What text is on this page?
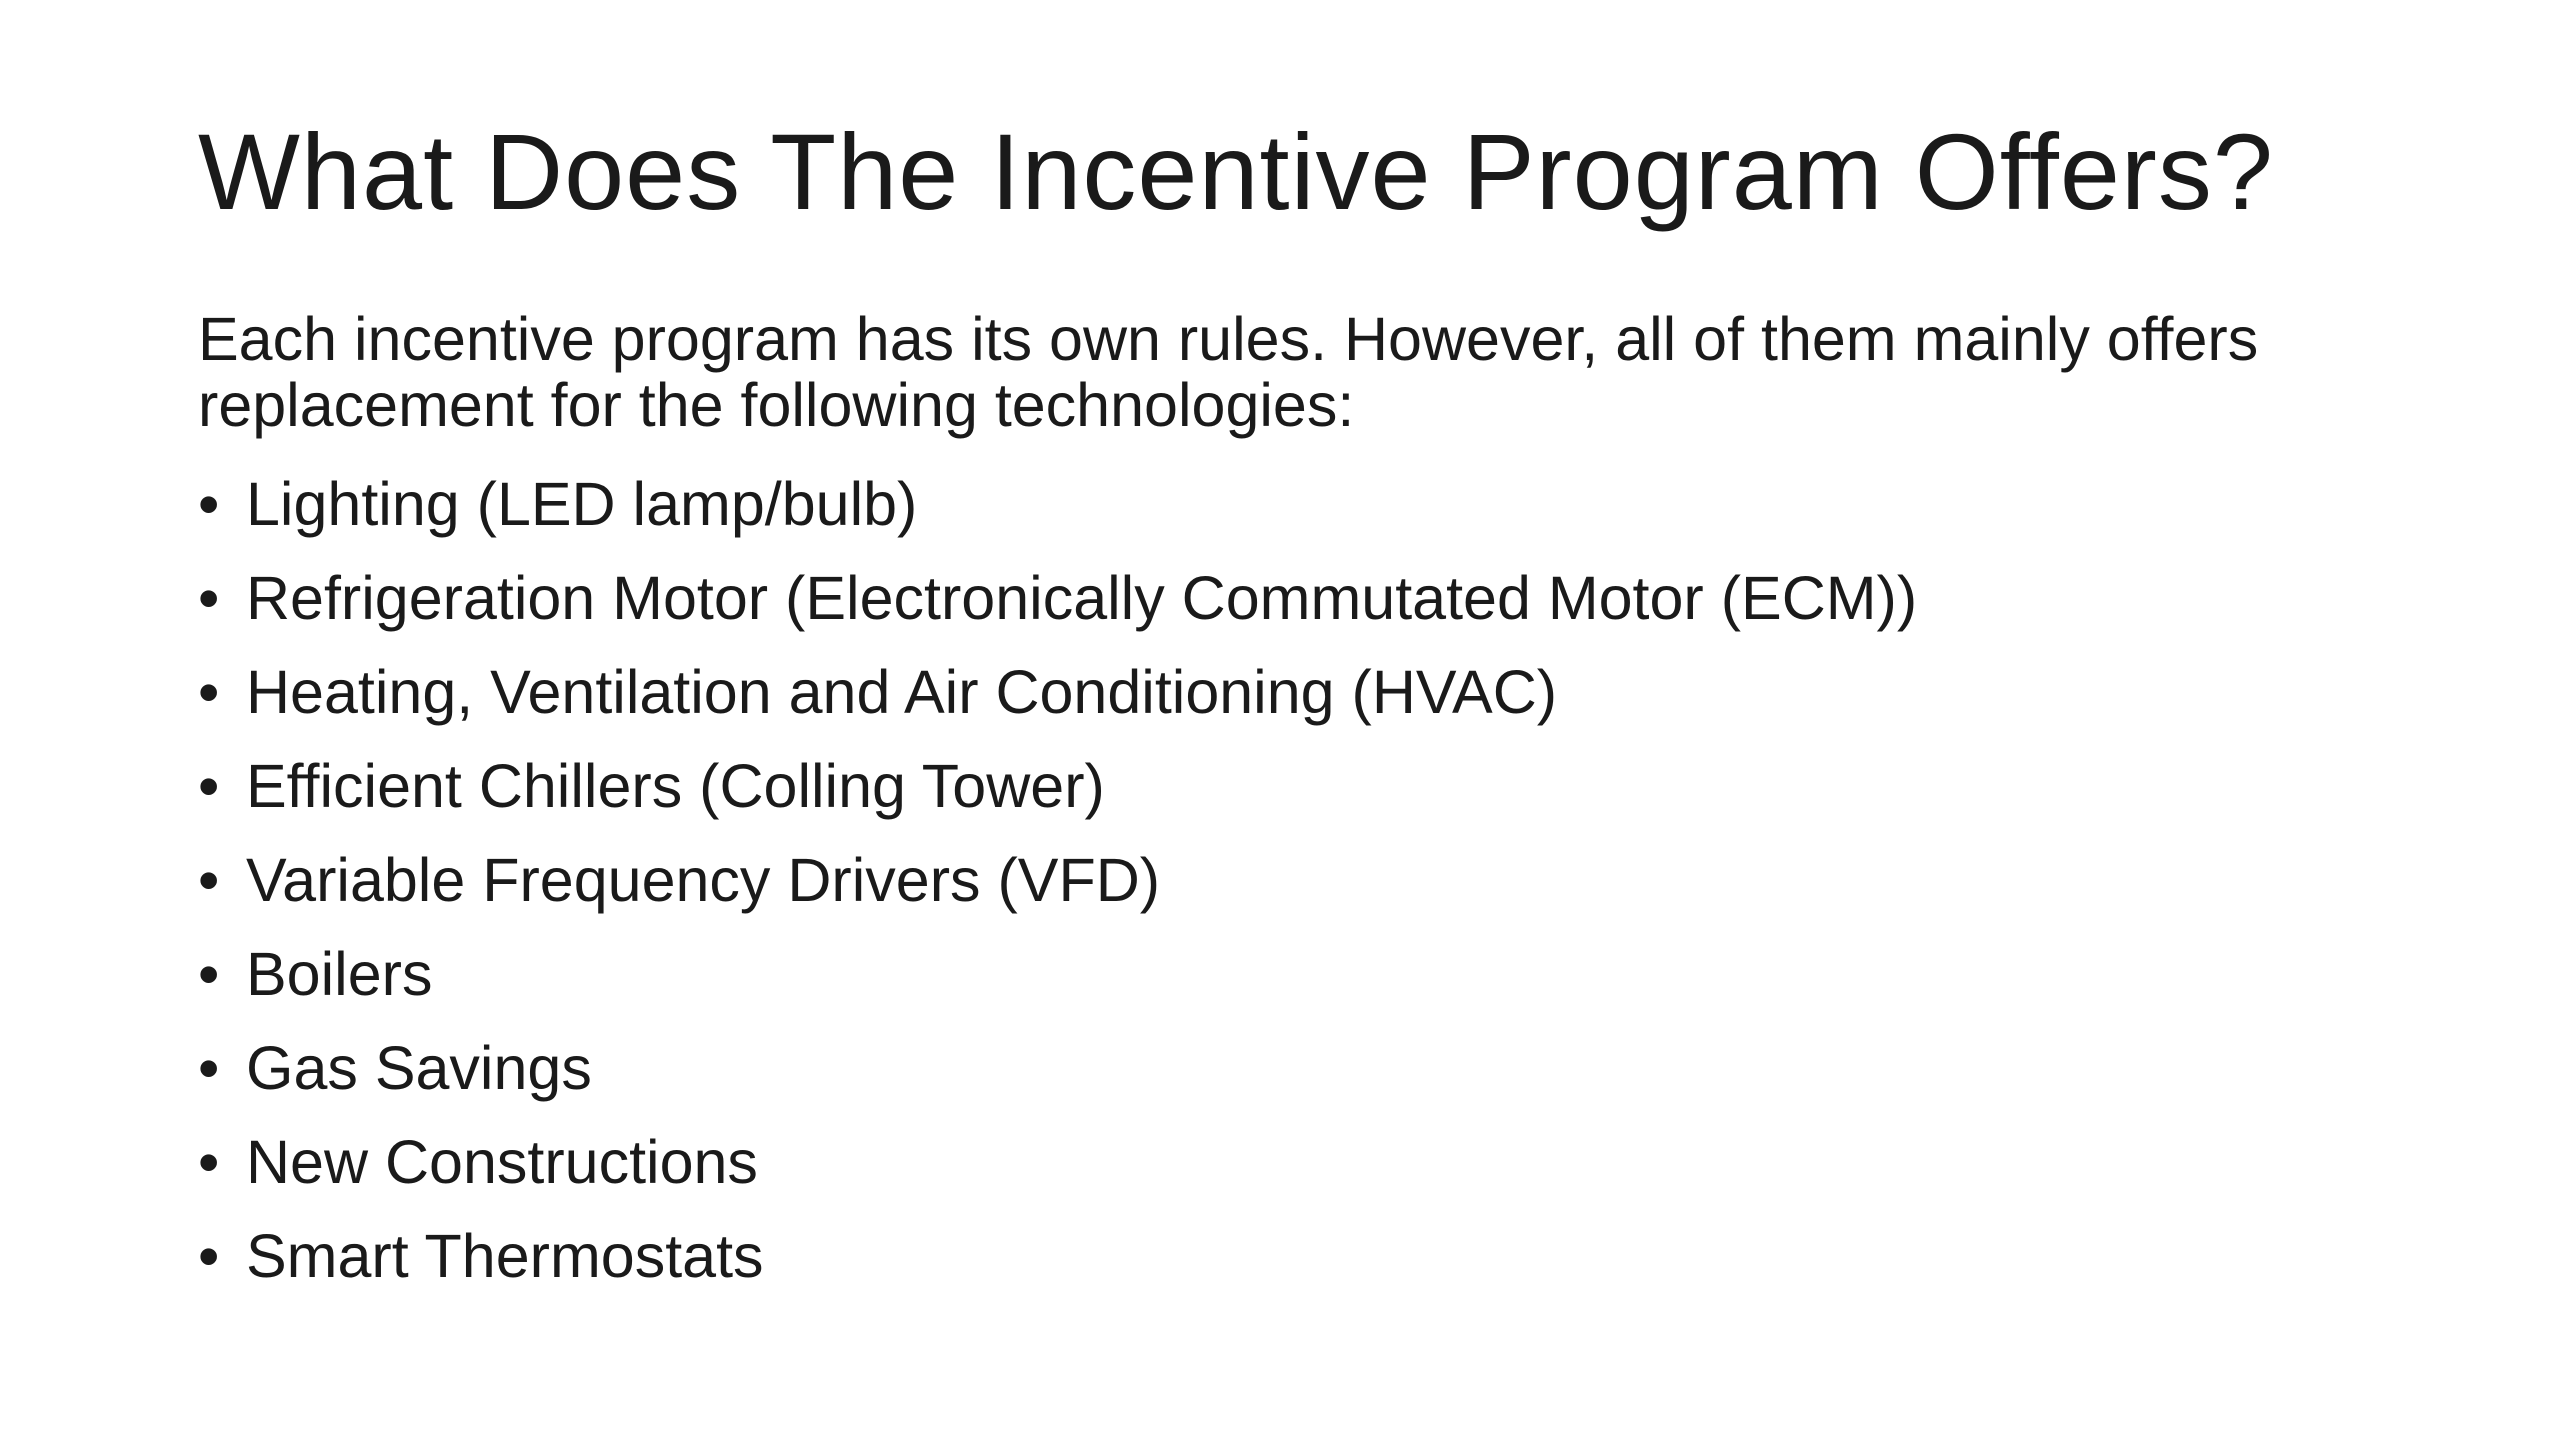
What Does The Incentive Program Offers?

Each incentive program has its own rules. However, all of them mainly offers replacement for the following technologies:

• Lighting (LED lamp/bulb)
• Refrigeration Motor (Electronically Commutated Motor (ECM))
• Heating, Ventilation and Air Conditioning (HVAC)
• Efficient Chillers (Colling Tower)
• Variable Frequency Drivers (VFD)
• Boilers
• Gas Savings
• New Constructions
• Smart Thermostats
